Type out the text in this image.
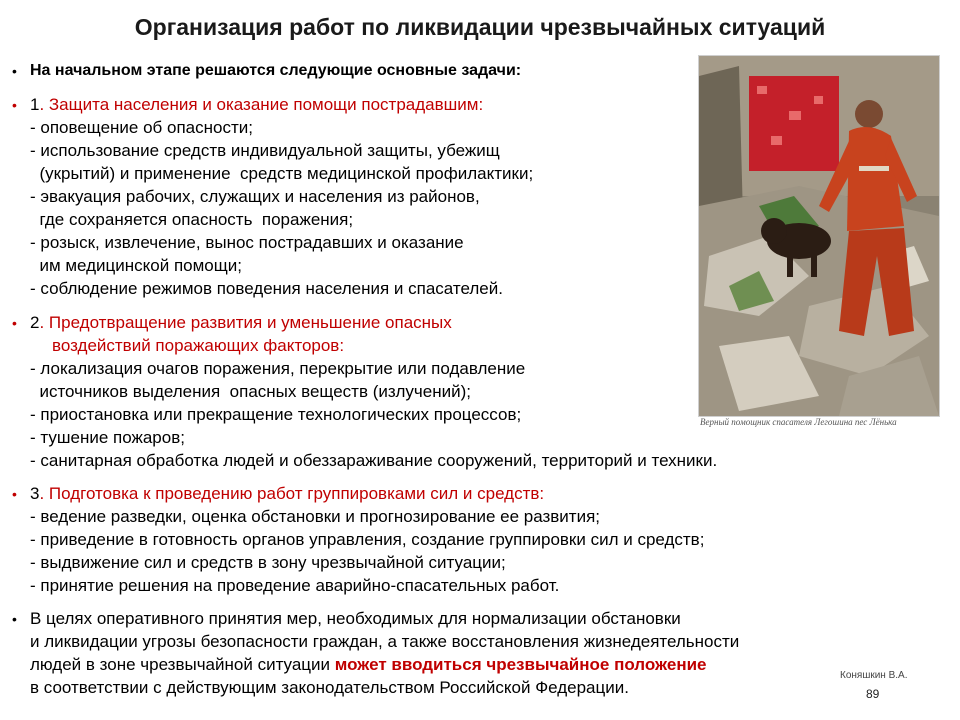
Организация работ по ликвидации чрезвычайных ситуаций
• На начальном этапе решаются следующие основные задачи:
• 1. Защита населения и оказание помощи пострадавшим:
- оповещение об опасности;
- использование средств индивидуальной защиты, убежищ
(укрытий) и применение  средств медицинской профилактики;
- эвакуация рабочих, служащих и населения из районов,
где сохраняется опасность  поражения;
- розыск, извлечение, вынос пострадавших и оказание
им медицинской помощи;
- соблюдение режимов поведения населения и спасателей.
• 2. Предотвращение развития и уменьшение опасных
воздействий поражающих факторов:
- локализация очагов поражения, перекрытие или подавление
источников выделения  опасных веществ (излучений);
- приостановка или прекращение технологических процессов;
- тушение пожаров;
- санитарная обработка людей и обеззараживание сооружений, территорий и техники.
• 3. Подготовка к проведению работ группировками сил и средств:
- ведение разведки, оценка обстановки и прогнозирование ее развития;
- приведение в готовность органов управления, создание группировки сил и средств;
- выдвижение сил и средств в зону чрезвычайной ситуации;
- принятие решения на проведение аварийно-спасательных работ.
• В целях оперативного принятия мер, необходимых для нормализации обстановки
и ликвидации угрозы безопасности граждан, а также восстановления жизнедеятельности
людей в зоне чрезвычайной ситуации может вводиться чрезвычайное положение
в соответствии с действующим законодательством Российской Федерации.
Верный помощник спасателя Легошина пес Лёнька
Коняшкин В.А.
89
